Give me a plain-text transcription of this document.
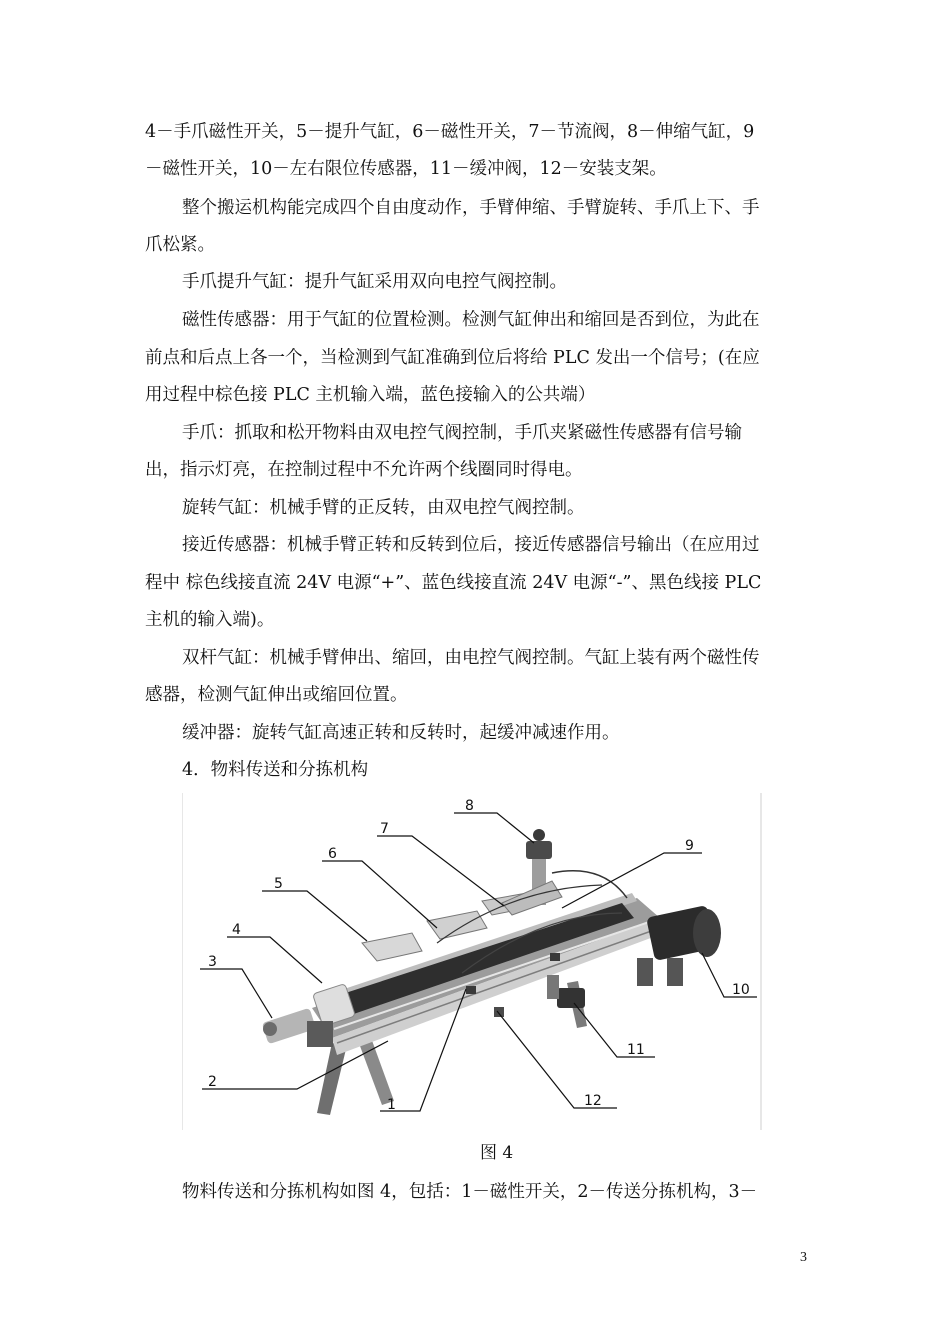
4－手爪磁性开关，5－提升气缸，6－磁性开关，7－节流阀，8－伸缩气缸，9
－磁性开关，10－左右限位传感器，11－缓冲阀，12－安装支架。
整个搬运机构能完成四个自由度动作，手臂伸缩、手臂旋转、手爪上下、手
爪松紧。
手爪提升气缸：提升气缸采用双向电控气阀控制。
磁性传感器：用于气缸的位置检测。检测气缸伸出和缩回是否到位，为此在
前点和后点上各一个，当检测到气缸准确到位后将给 PLC 发出一个信号；(在应
用过程中棕色接 PLC 主机输入端，蓝色接输入的公共端）
手爪：抓取和松开物料由双电控气阀控制，手爪夹紧磁性传感器有信号输
出，指示灯亮，在控制过程中不允许两个线圈同时得电。
旋转气缸：机械手臂的正反转，由双电控气阀控制。
接近传感器：机械手臂正转和反转到位后，接近传感器信号输出（在应用过
程中 棕色线接直流 24V 电源“+”、蓝色线接直流 24V 电源“-”、黑色线接 PLC
主机的输入端)。
双杆气缸：机械手臂伸出、缩回，由电控气阀控制。气缸上装有两个磁性传
感器，检测气缸伸出或缩回位置。
缓冲器：旋转气缸高速正转和反转时，起缓冲减速作用。
4．物料传送和分拣机构
1
2
3
4
5
6
7
8
9
10
11
12
图 4
物料传送和分拣机构如图 4，包括：1－磁性开关，2－传送分拣机构，3－
3
